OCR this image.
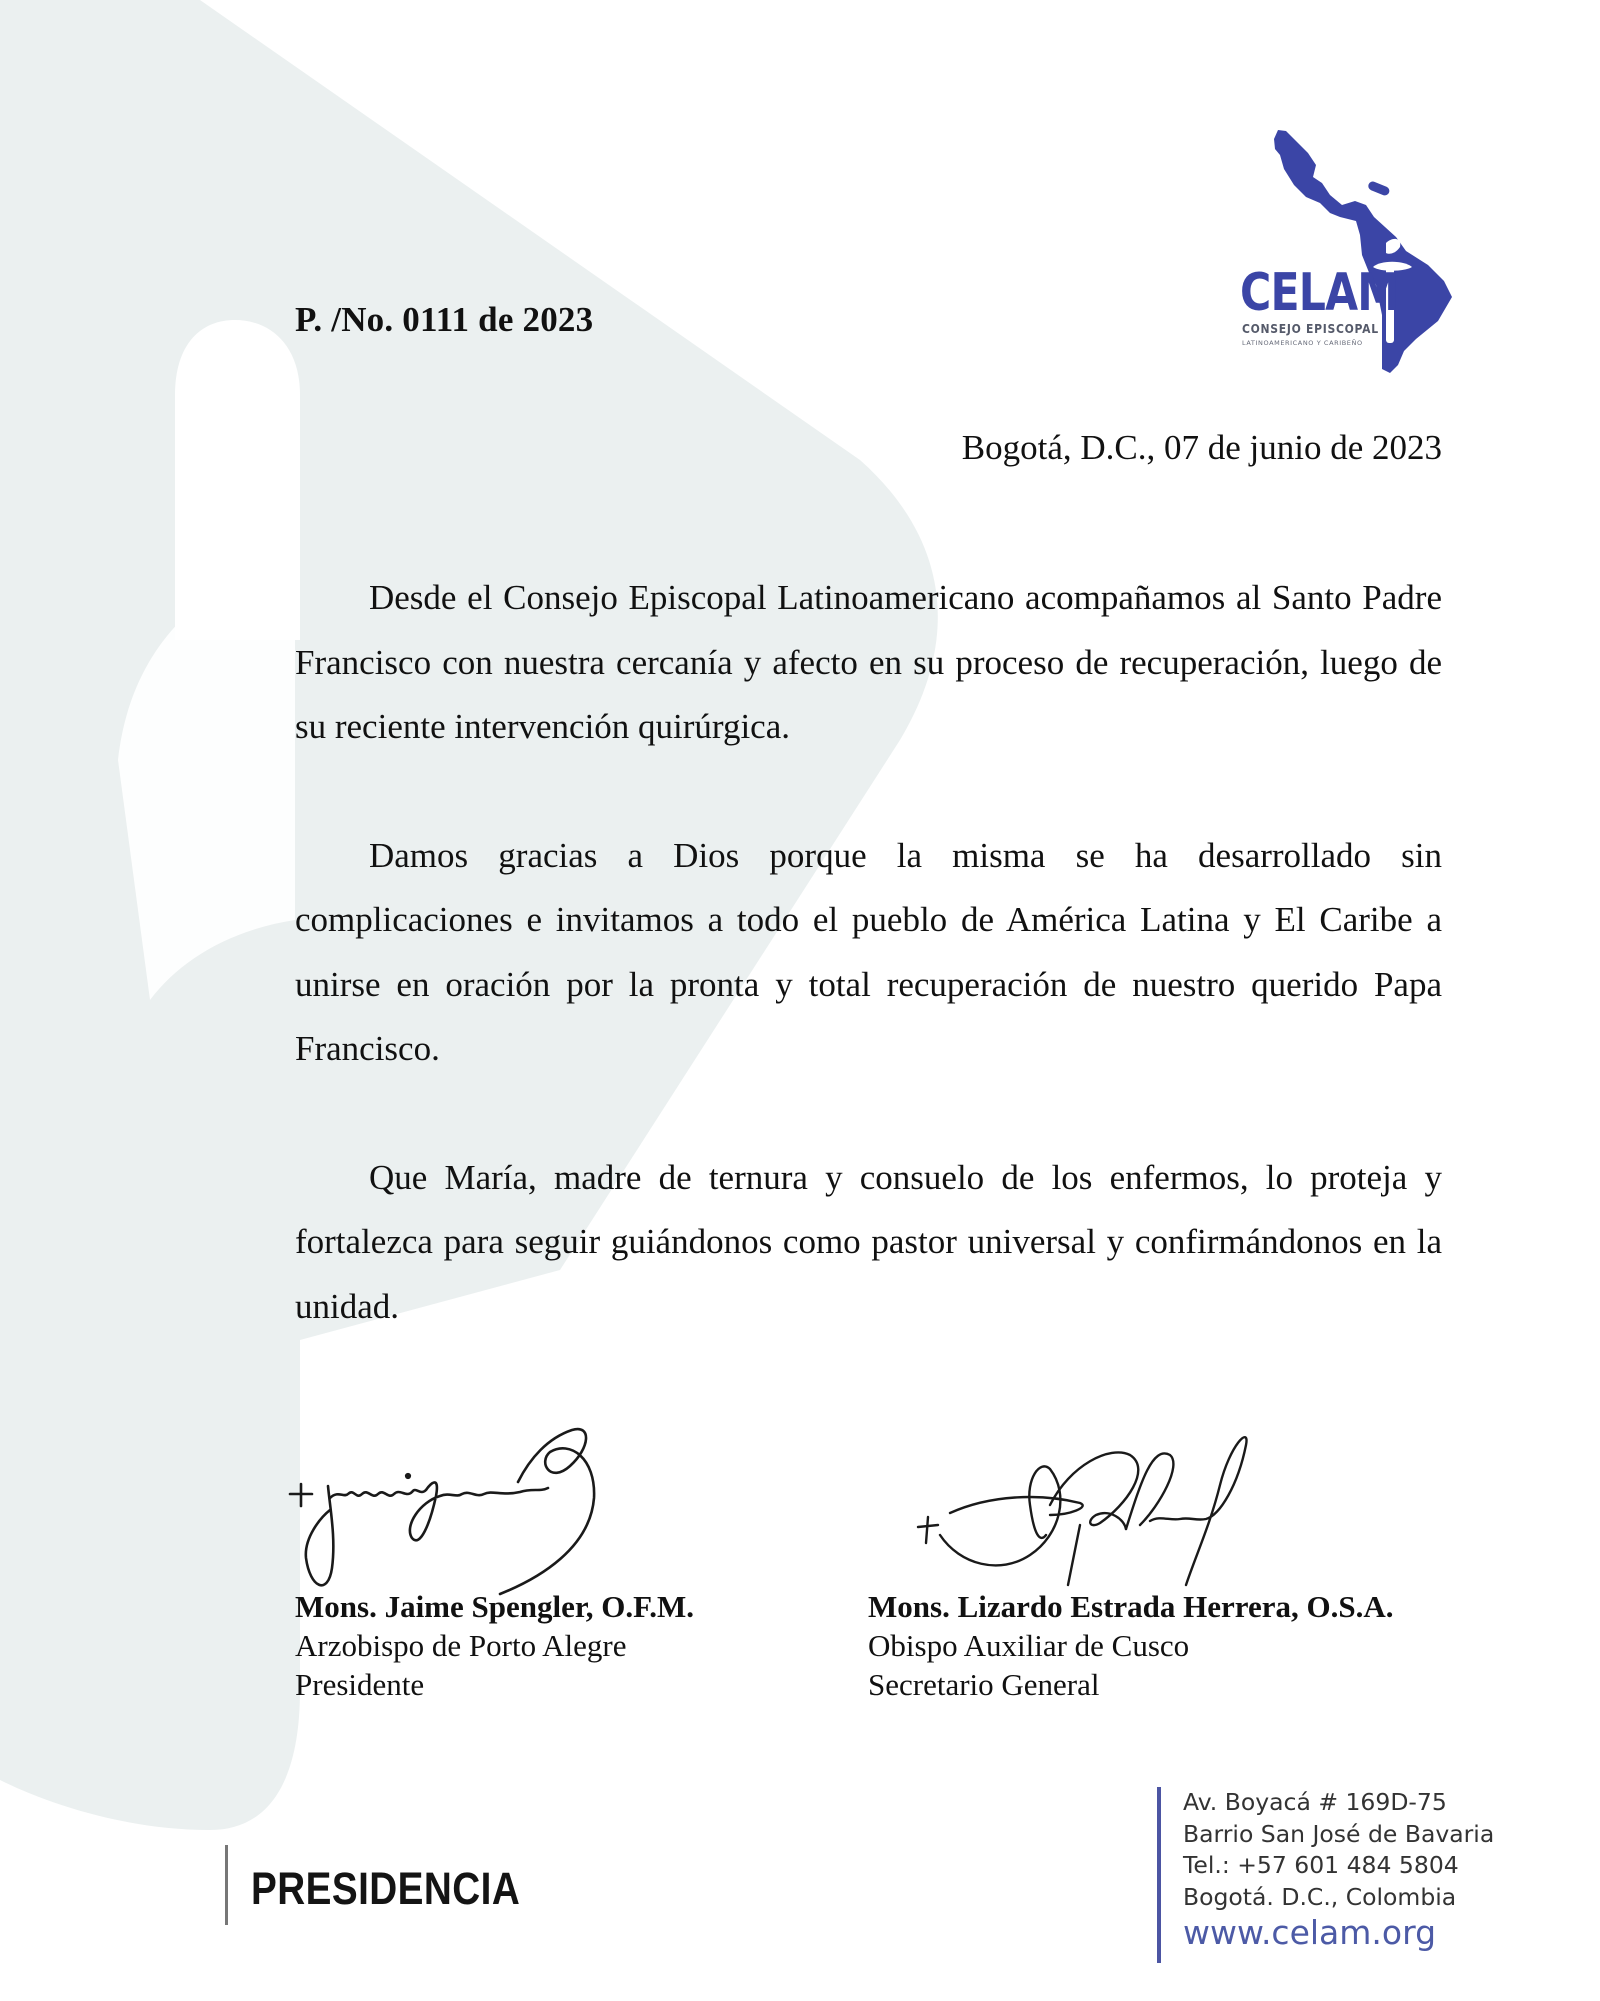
CELAM
CONSEJO EPISCOPAL
LATINOAMERICANO Y CARIBEÑO
P. /No. 0111 de 2023
Bogotá, D.C., 07 de junio de 2023

Desde el Consejo Episcopal Latinoamericano acompañamos al Santo Padre Francisco con nuestra cercanía y afecto en su proceso de recuperación, luego de su reciente intervención quirúrgica.

Damos gracias a Dios porque la misma se ha desarrollado sin complicaciones e invitamos a todo el pueblo de América Latina y El Caribe a unirse en oración por la pronta y total recuperación de nuestro querido Papa Francisco.

Que María, madre de ternura y consuelo de los enfermos, lo proteja y fortalezca para seguir guiándonos como pastor universal y confirmándonos en la unidad.

Mons. Jaime Spengler, O.F.M.
Arzobispo de Porto Alegre
Presidente
Mons. Lizardo Estrada Herrera, O.S.A.
Obispo Auxiliar de Cusco
Secretario General
PRESIDENCIA
Av. Boyacá # 169D-75
Barrio San José de Bavaria
Tel.: +57 601 484 5804
Bogotá. D.C., Colombia
www.celam.org
